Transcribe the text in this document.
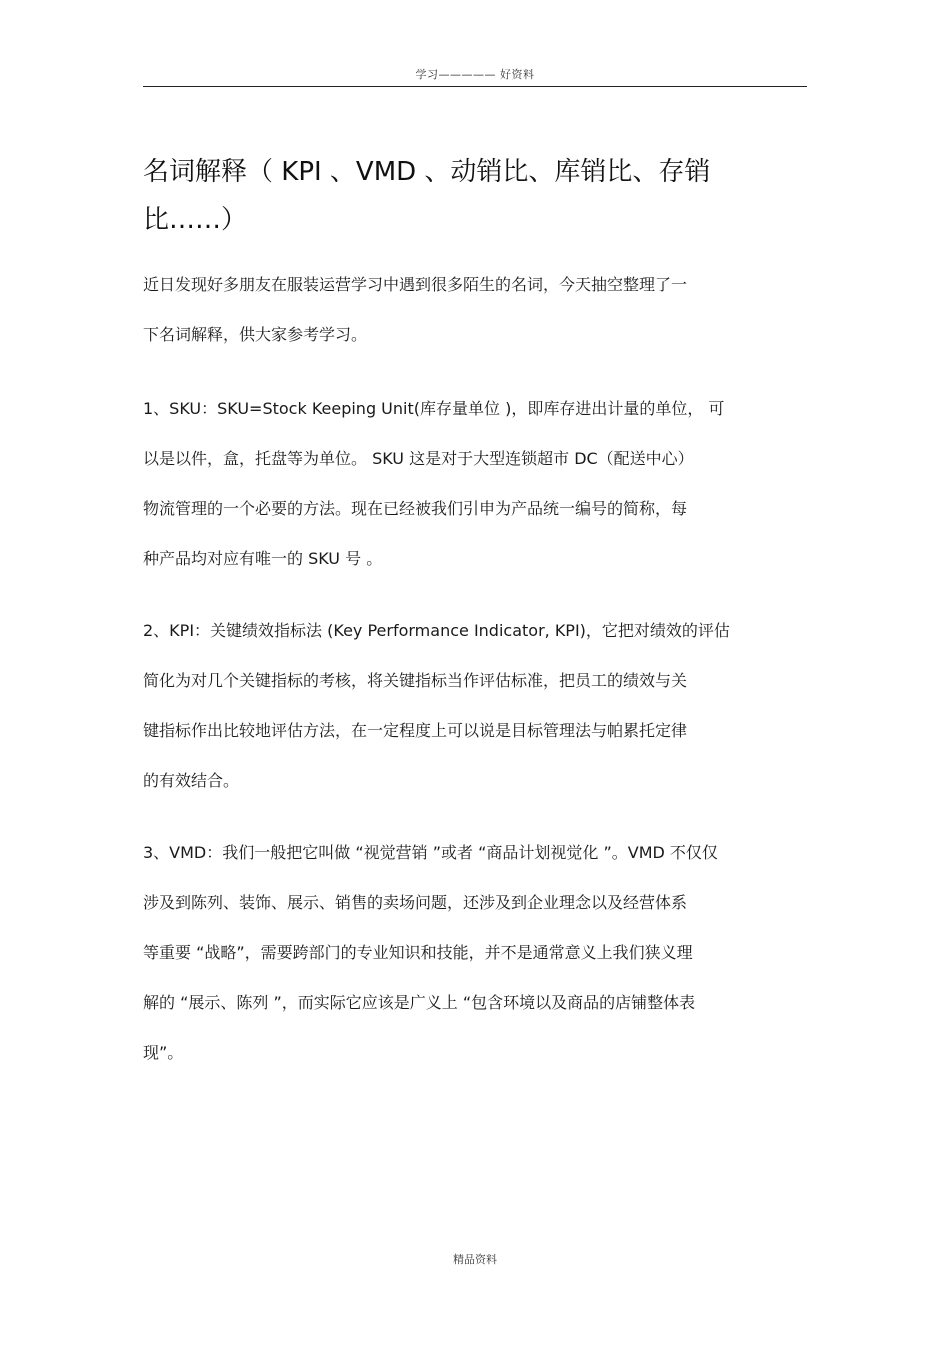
学习————— 好资料
名词解释（ KPI 、VMD 、动销比、库销比、存销
比……）
近日发现好多朋友在服装运营学习中遇到很多陌生的名词，今天抽空整理了一
下名词解释，供大家参考学习。
1、SKU：SKU=Stock Keeping Unit(库存量单位 )，即库存进出计量的单位， 可
以是以件，盒，托盘等为单位。 SKU 这是对于大型连锁超市 DC（配送中心）
物流管理的一个必要的方法。现在已经被我们引申为产品统一编号的简称，每
种产品均对应有唯一的 SKU 号 。
2、KPI：关键绩效指标法 (Key Performance Indicator, KPI)，它把对绩效的评估
简化为对几个关键指标的考核，将关键指标当作评估标准，把员工的绩效与关
键指标作出比较地评估方法，在一定程度上可以说是目标管理法与帕累托定律
的有效结合。
3、VMD：我们一般把它叫做 “视觉营销 ”或者 “商品计划视觉化 ”。VMD 不仅仅
涉及到陈列、装饰、展示、销售的卖场问题，还涉及到企业理念以及经营体系
等重要 “战略”，需要跨部门的专业知识和技能，并不是通常意义上我们狭义理
解的 “展示、陈列 ”，而实际它应该是广义上 “包含环境以及商品的店铺整体表
现”。
精品资料
